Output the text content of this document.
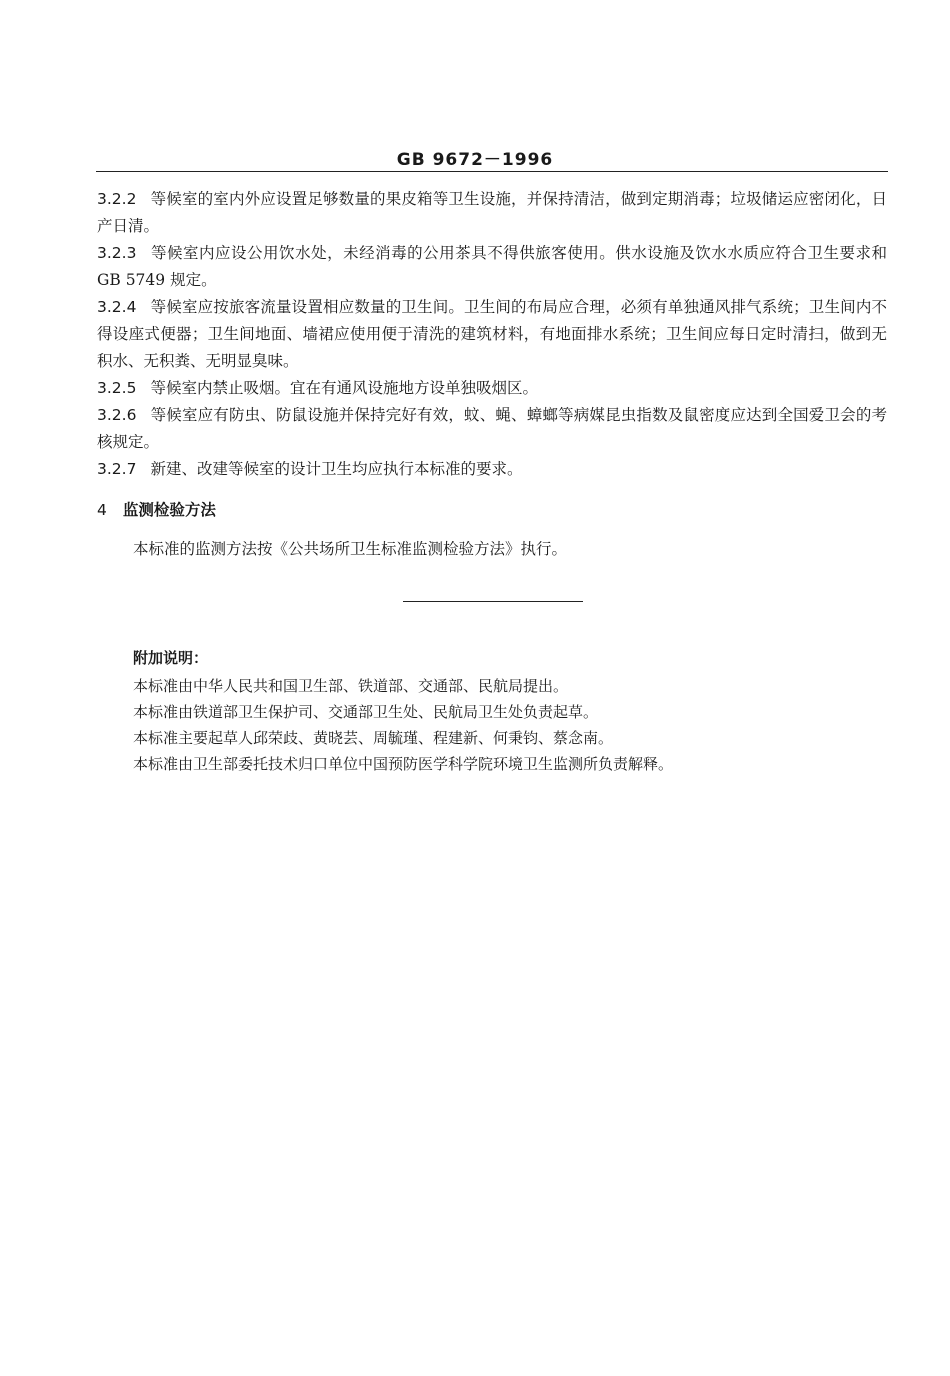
GB 9672－1996
3.2.2 等候室的室内外应设置足够数量的果皮箱等卫生设施，并保持清洁，做到定期消毒；垃圾储运应密闭化，日产日清。
3.2.3 等候室内应设公用饮水处，未经消毒的公用茶具不得供旅客使用。供水设施及饮水水质应符合卫生要求和 GB 5749 规定。
3.2.4 等候室应按旅客流量设置相应数量的卫生间。卫生间的布局应合理，必须有单独通风排气系统；卫生间内不得设座式便器；卫生间地面、墙裙应使用便于清洗的建筑材料，有地面排水系统；卫生间应每日定时清扫，做到无积水、无积粪、无明显臭味。
3.2.5 等候室内禁止吸烟。宜在有通风设施地方设单独吸烟区。
3.2.6 等候室应有防虫、防鼠设施并保持完好有效，蚊、蝇、蟑螂等病媒昆虫指数及鼠密度应达到全国爱卫会的考核规定。
3.2.7 新建、改建等候室的设计卫生均应执行本标准的要求。
4 监测检验方法
本标准的监测方法按《公共场所卫生标准监测检验方法》执行。
附加说明：
本标准由中华人民共和国卫生部、铁道部、交通部、民航局提出。
本标准由铁道部卫生保护司、交通部卫生处、民航局卫生处负责起草。
本标准主要起草人邱荣歧、黄晓芸、周毓瑾、程建新、何秉钧、蔡念南。
本标准由卫生部委托技术归口单位中国预防医学科学院环境卫生监测所负责解释。
